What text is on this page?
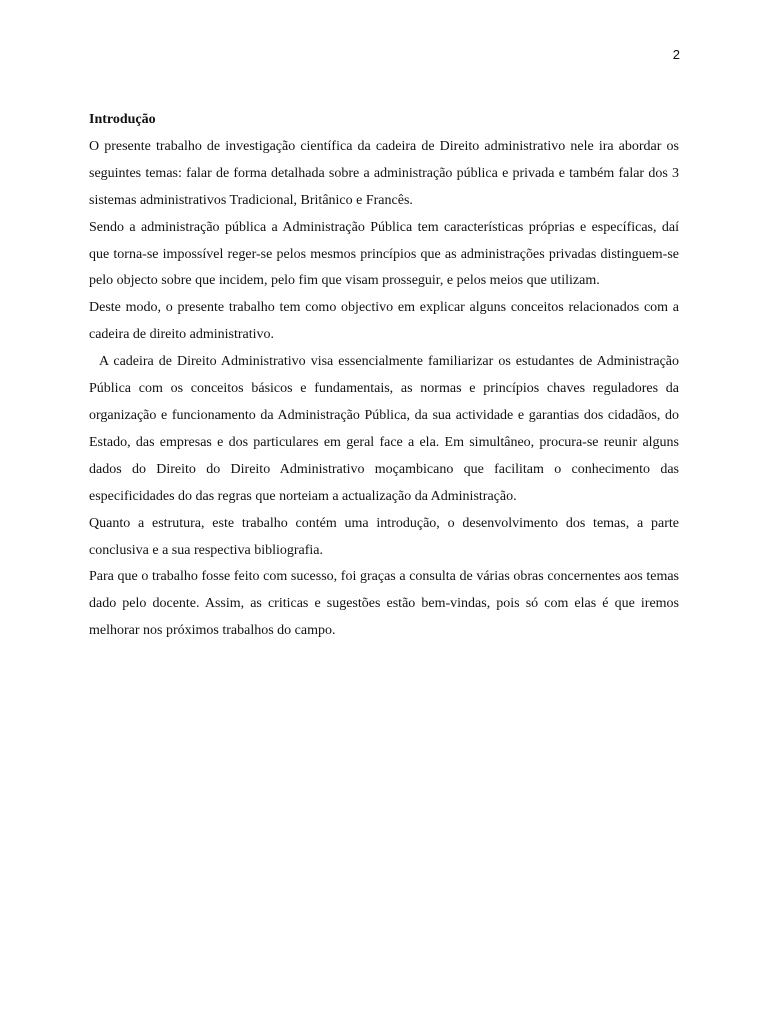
2
Introdução

O presente trabalho de investigação científica da cadeira de Direito administrativo nele ira abordar os seguintes temas: falar de forma detalhada sobre a administração pública e privada e também falar dos 3 sistemas administrativos Tradicional, Britânico e Francês.

Sendo a administração pública a Administração Pública tem características próprias e específicas, daí que torna-se impossível reger-se pelos mesmos princípios que as administrações privadas distinguem-se pelo objecto sobre que incidem, pelo fim que visam prosseguir, e pelos meios que utilizam.

Deste modo, o presente trabalho tem como objectivo em explicar alguns conceitos relacionados com a cadeira de direito administrativo.

A cadeira de Direito Administrativo visa essencialmente familiarizar os estudantes de Administração Pública com os conceitos básicos e fundamentais, as normas e princípios chaves reguladores da organização e funcionamento da Administração Pública, da sua actividade e garantias dos cidadãos, do Estado, das empresas e dos particulares em geral face a ela. Em simultâneo, procura-se reunir alguns dados do Direito do Direito Administrativo moçambicano que facilitam o conhecimento das especificidades do das regras que norteiam a actualização da Administração.

Quanto a estrutura, este trabalho contém uma introdução, o desenvolvimento dos temas, a parte conclusiva e a sua respectiva bibliografia.

Para que o trabalho fosse feito com sucesso, foi graças a consulta de várias obras concernentes aos temas dado pelo docente. Assim, as criticas e sugestões estão bem-vindas, pois só com elas é que iremos melhorar nos próximos trabalhos do campo.
